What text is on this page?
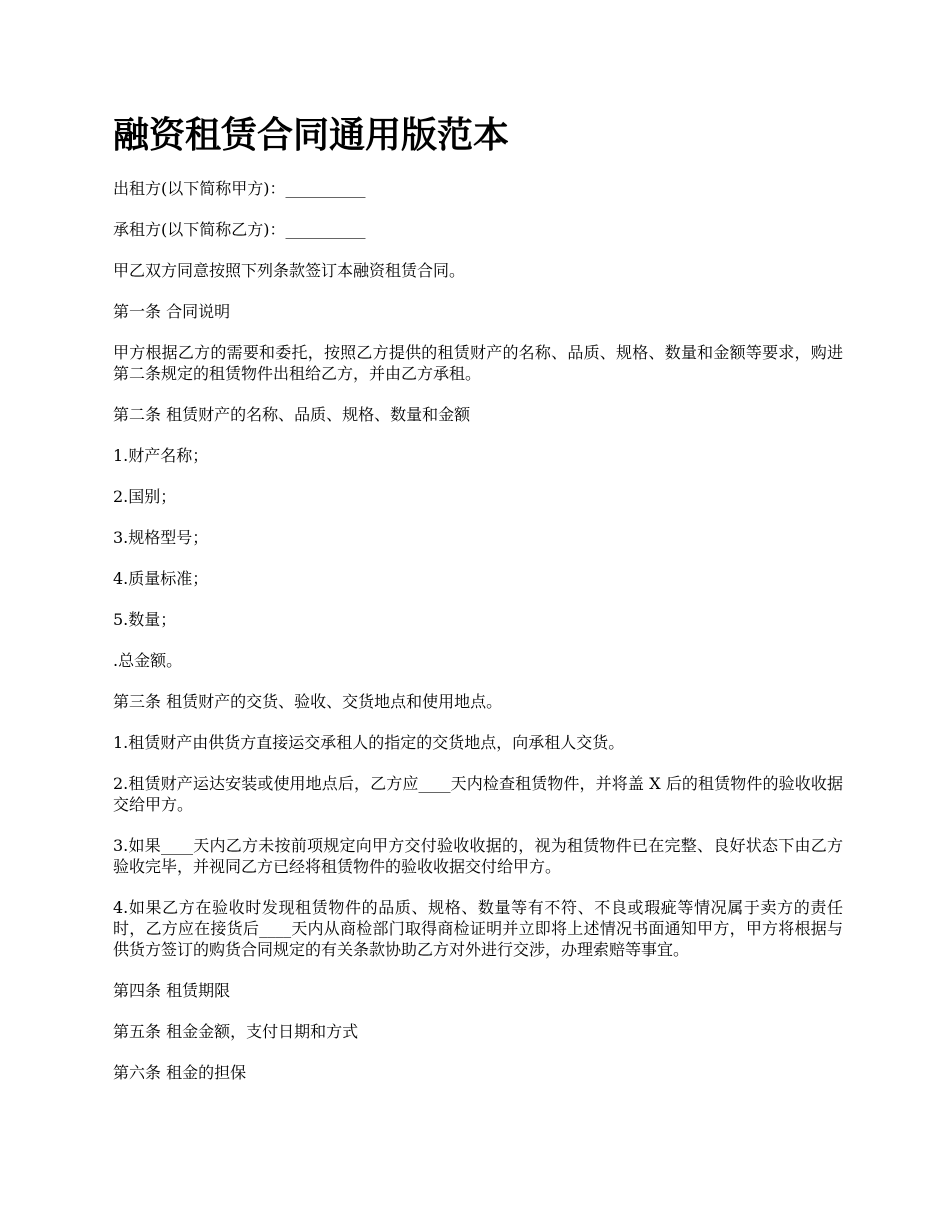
融资租赁合同通用版范本

出租方(以下简称甲方)：__________

承租方(以下简称乙方)：__________

甲乙双方同意按照下列条款签订本融资租赁合同。

第一条 合同说明

甲方根据乙方的需要和委托，按照乙方提供的租赁财产的名称、品质、规格、数量和金额等要求，购进第二条规定的租赁物件出租给乙方，并由乙方承租。

第二条 租赁财产的名称、品质、规格、数量和金额

1.财产名称；

2.国别；

3.规格型号；

4.质量标准；

5.数量；

.总金额。

第三条 租赁财产的交货、验收、交货地点和使用地点。

1.租赁财产由供货方直接运交承租人的指定的交货地点，向承租人交货。

2.租赁财产运达安装或使用地点后，乙方应____天内检查租赁物件，并将盖 X 后的租赁物件的验收收据交给甲方。

3.如果____天内乙方未按前项规定向甲方交付验收收据的，视为租赁物件已在完整、良好状态下由乙方验收完毕，并视同乙方已经将租赁物件的验收收据交付给甲方。

4.如果乙方在验收时发现租赁物件的品质、规格、数量等有不符、不良或瑕疵等情况属于卖方的责任时，乙方应在接货后____天内从商检部门取得商检证明并立即将上述情况书面通知甲方，甲方将根据与供货方签订的购货合同规定的有关条款协助乙方对外进行交涉，办理索赔等事宜。

第四条 租赁期限

第五条 租金金额，支付日期和方式

第六条 租金的担保
